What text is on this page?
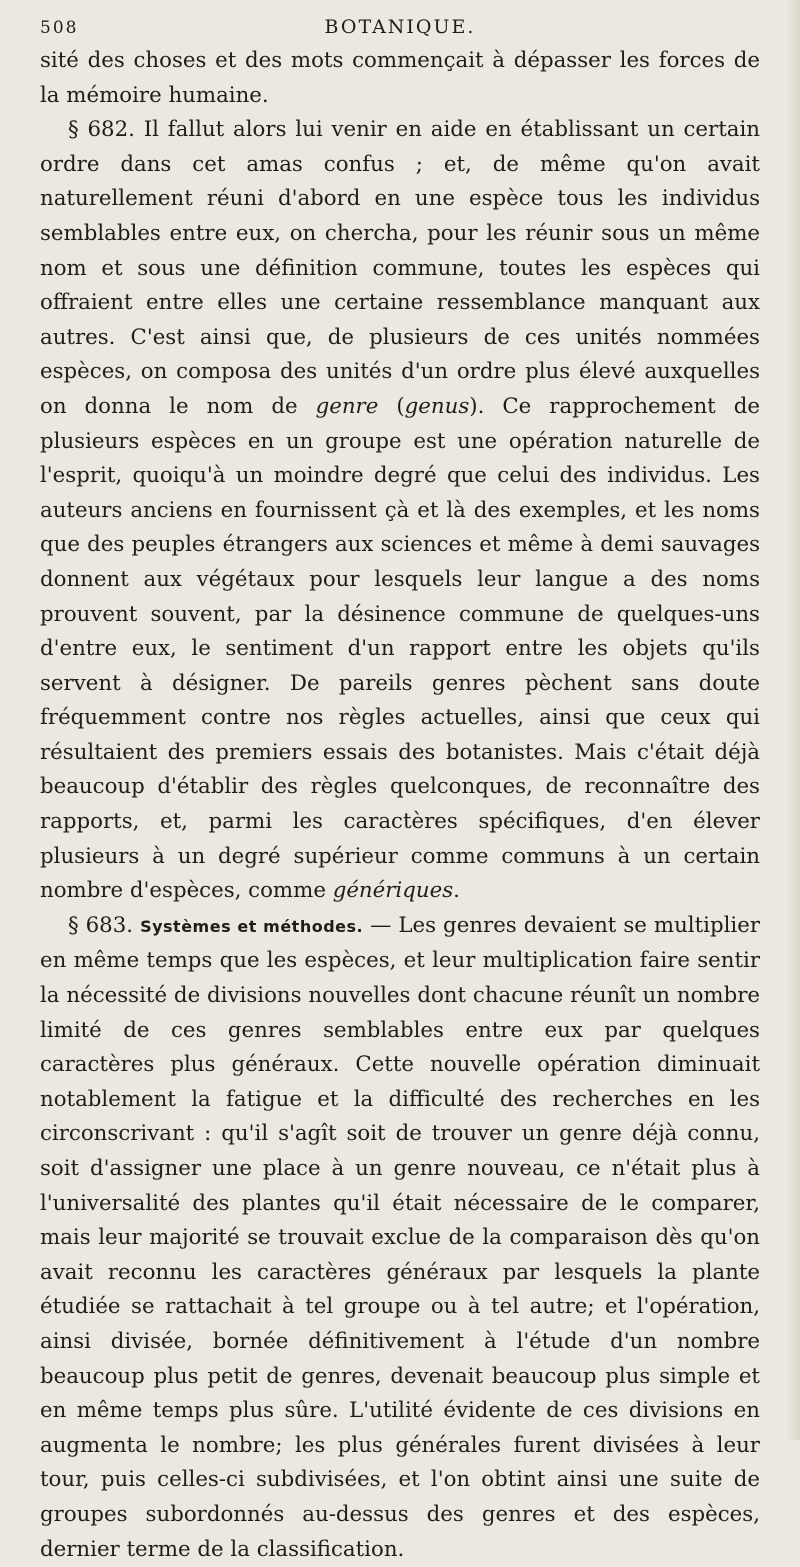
508	BOTANIQUE.

sité des choses et des mots commençait à dépasser les forces de la mémoire humaine.

§ 682. Il fallut alors lui venir en aide en établissant un certain ordre dans cet amas confus ; et, de même qu'on avait naturellement réuni d'abord en une espèce tous les individus semblables entre eux, on chercha, pour les réunir sous un même nom et sous une définition commune, toutes les espèces qui offraient entre elles une certaine ressemblance manquant aux autres. C'est ainsi que, de plusieurs de ces unités nommées espèces, on composa des unités d'un ordre plus élevé auxquelles on donna le nom de genre (genus). Ce rapprochement de plusieurs espèces en un groupe est une opération naturelle de l'esprit, quoiqu'à un moindre degré que celui des individus. Les auteurs anciens en fournissent çà et là des exemples, et les noms que des peuples étrangers aux sciences et même à demi sauvages donnent aux végétaux pour lesquels leur langue a des noms prouvent souvent, par la désinence commune de quelques-uns d'entre eux, le sentiment d'un rapport entre les objets qu'ils servent à désigner. De pareils genres pèchent sans doute fréquemment contre nos règles actuelles, ainsi que ceux qui résultaient des premiers essais des botanistes. Mais c'était déjà beaucoup d'établir des règles quelconques, de reconnaître des rapports, et, parmi les caractères spécifiques, d'en élever plusieurs à un degré supérieur comme communs à un certain nombre d'espèces, comme génériques.

§ 683. Systèmes et méthodes. — Les genres devaient se multiplier en même temps que les espèces, et leur multiplication faire sentir la nécessité de divisions nouvelles dont chacune réunît un nombre limité de ces genres semblables entre eux par quelques caractères plus généraux. Cette nouvelle opération diminuait notablement la fatigue et la difficulté des recherches en les circonscrivant : qu'il s'agît soit de trouver un genre déjà connu, soit d'assigner une place à un genre nouveau, ce n'était plus à l'universalité des plantes qu'il était nécessaire de le comparer, mais leur majorité se trouvait exclue de la comparaison dès qu'on avait reconnu les caractères généraux par lesquels la plante étudiée se rattachait à tel groupe ou à tel autre; et l'opération, ainsi divisée, bornée définitivement à l'étude d'un nombre beaucoup plus petit de genres, devenait beaucoup plus simple et en même temps plus sûre. L'utilité évidente de ces divisions en augmenta le nombre; les plus générales furent divisées à leur tour, puis celles-ci subdivisées, et l'on obtint ainsi une suite de groupes subordonnés au-dessus des genres et des espèces, dernier terme de la classification.
